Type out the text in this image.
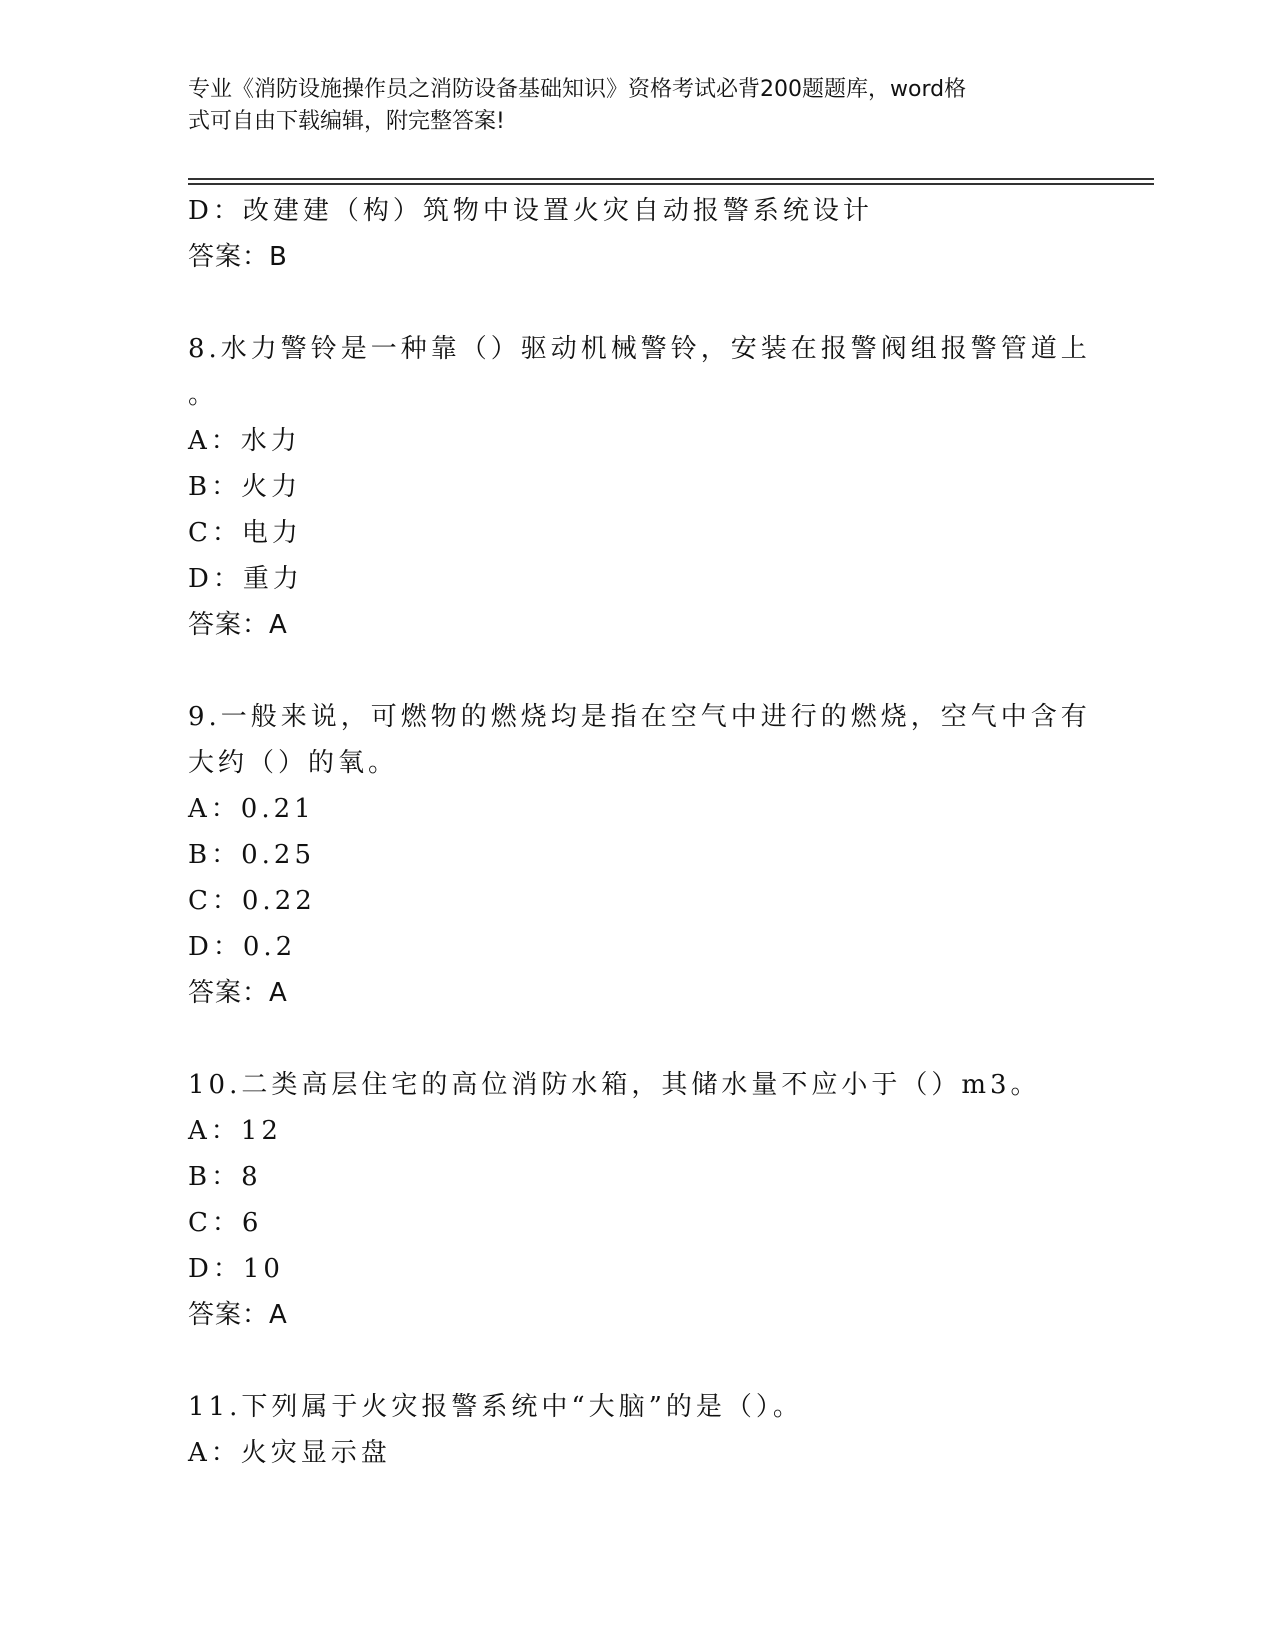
专业《消防设施操作员之消防设备基础知识》资格考试必背200题题库，word格
式可自由下载编辑，附完整答案!
D：改建建（构）筑物中设置火灾自动报警系统设计
答案：B
8.水力警铃是一种靠（）驱动机械警铃，安装在报警阀组报警管道上
。
A：水力
B：火力
C：电力
D：重力
答案：A
9.一般来说，可燃物的燃烧均是指在空气中进行的燃烧，空气中含有
大约（）的氧。
A：0.21
B：0.25
C：0.22
D：0.2
答案：A
10.二类高层住宅的高位消防水箱，其储水量不应小于（）m3。
A：12
B：8
C：6
D：10
答案：A
11.下列属于火灾报警系统中“大脑”的是（）。
A：火灾显示盘
